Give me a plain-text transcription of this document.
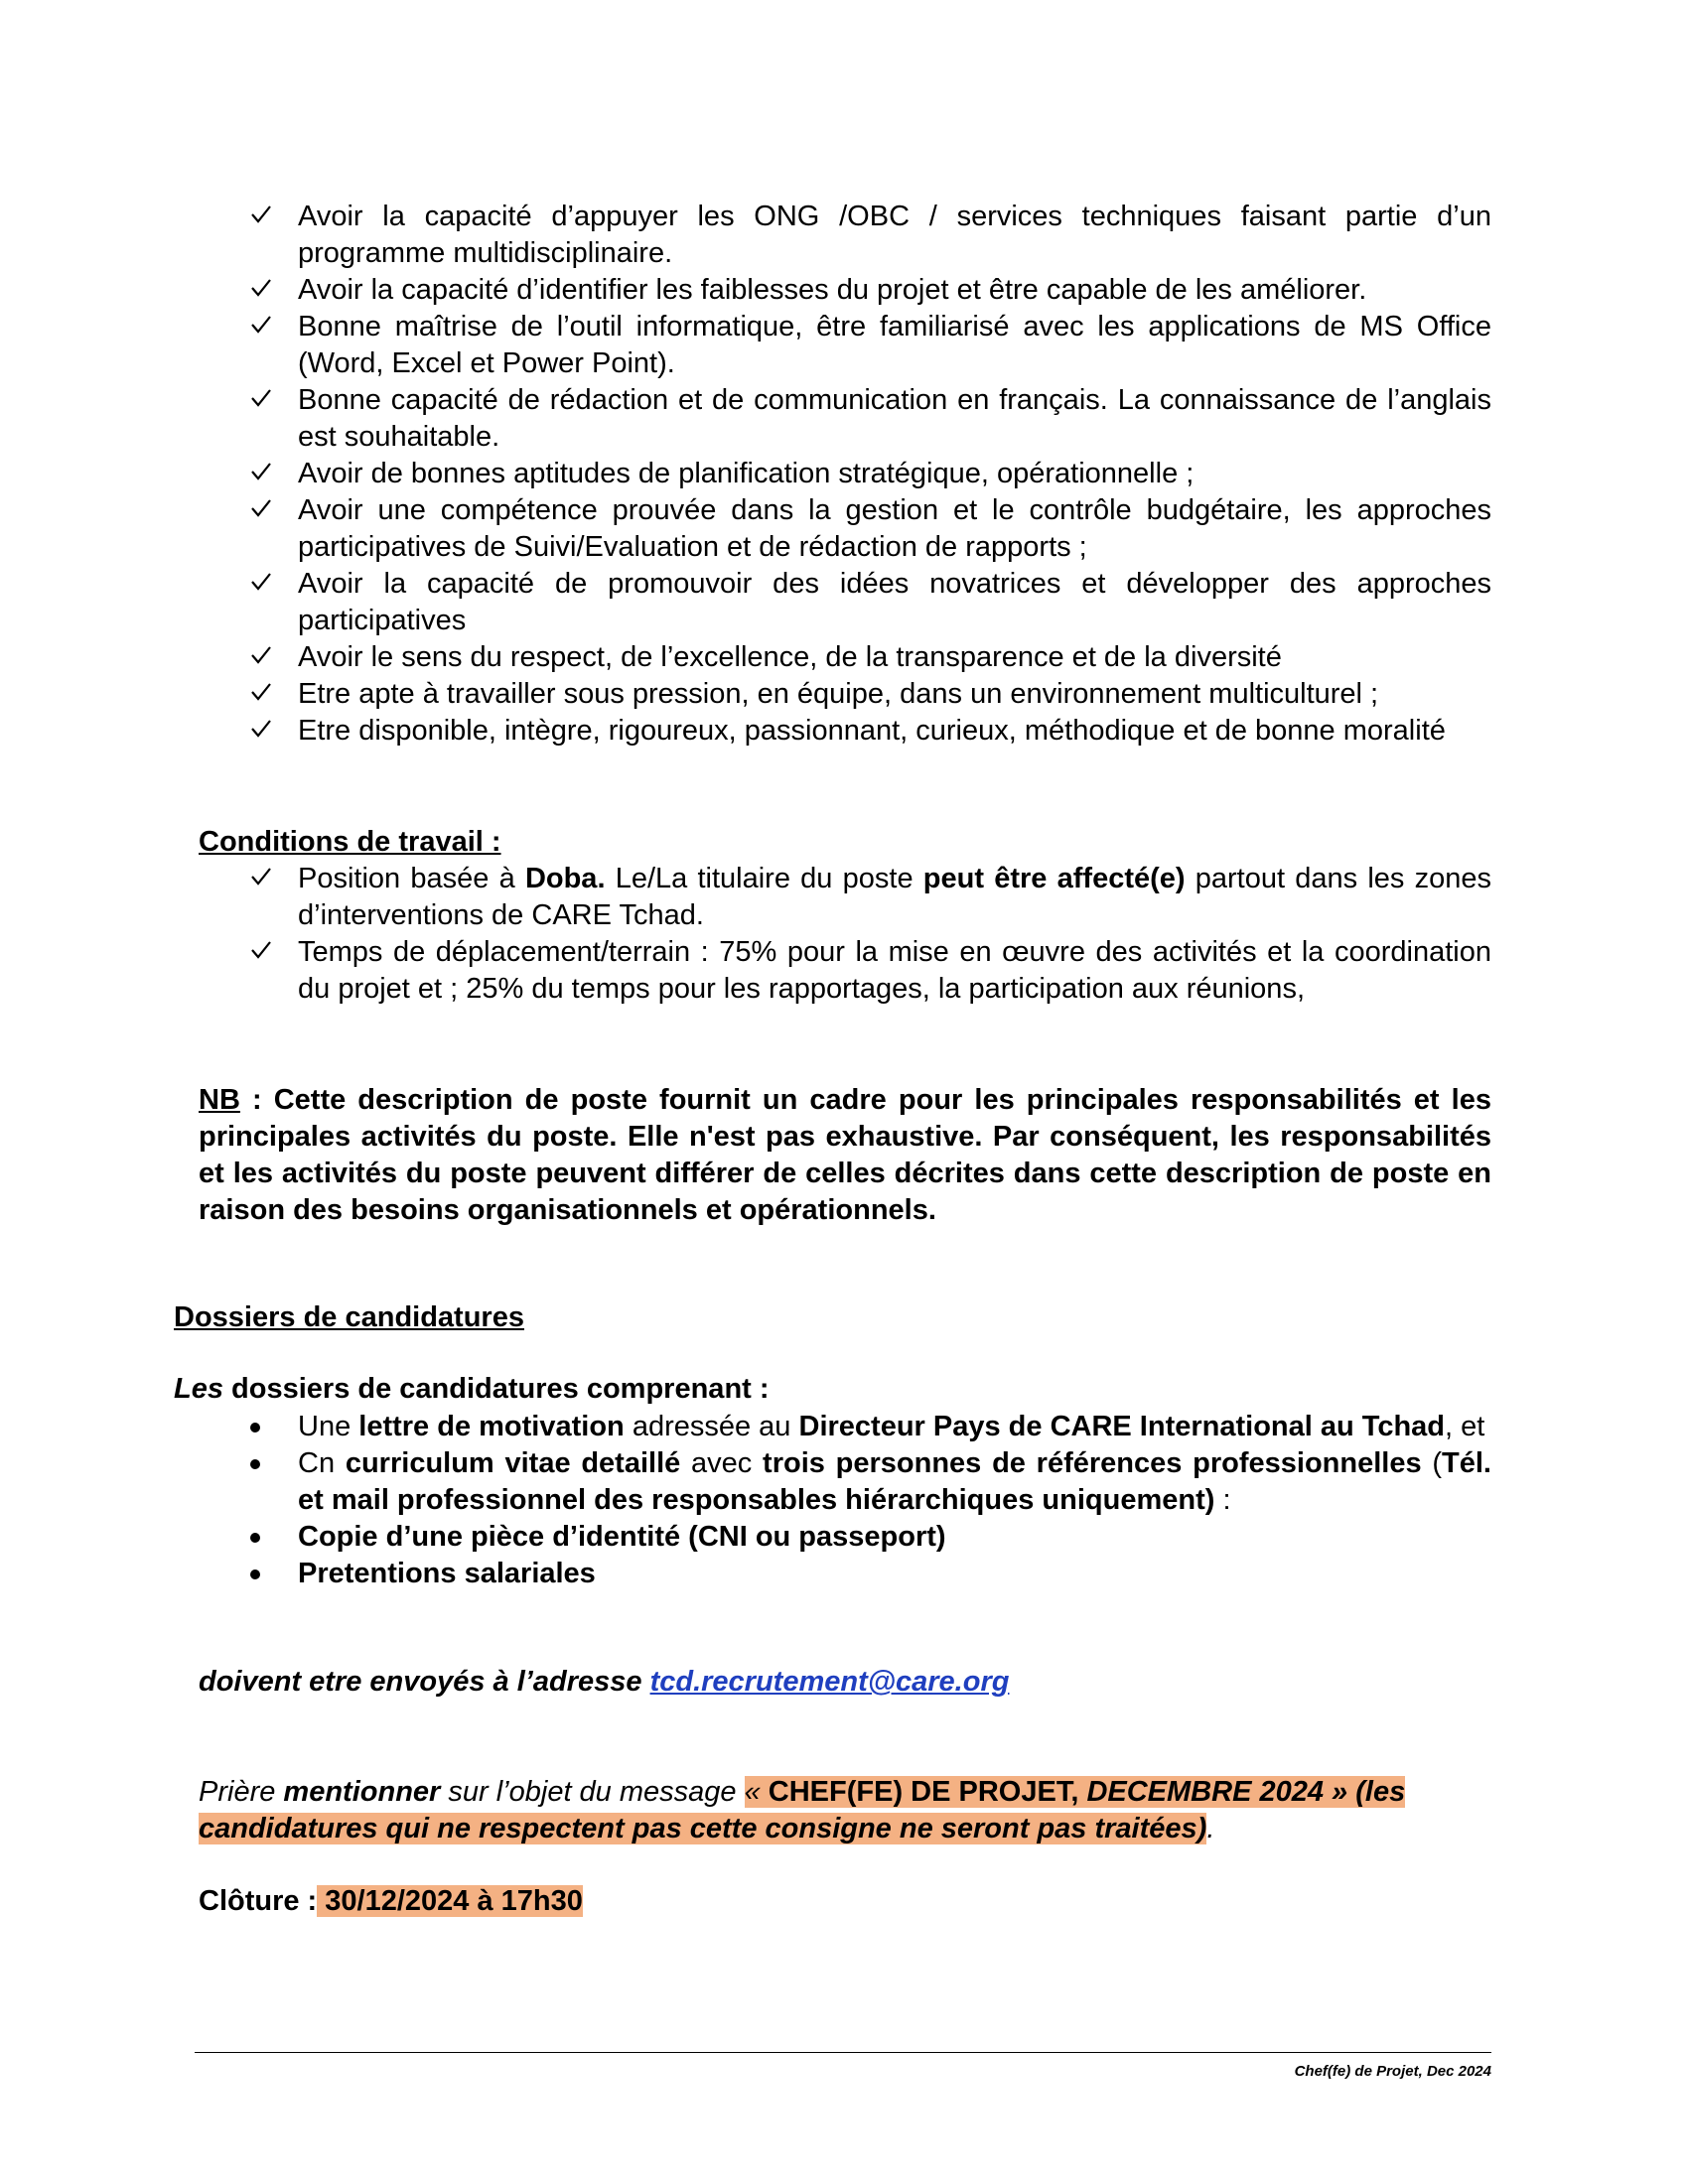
Avoir la capacité d’appuyer les ONG /OBC / services techniques faisant partie d’un programme multidisciplinaire.
Avoir la capacité d’identifier les faiblesses du projet et être capable de les améliorer.
Bonne maîtrise de l’outil informatique, être familiarisé avec les applications de MS Office (Word, Excel et Power Point).
Bonne capacité de rédaction et de communication en français. La connaissance de l’anglais est souhaitable.
Avoir de bonnes aptitudes de planification stratégique, opérationnelle ;
Avoir une compétence prouvée dans la gestion et le contrôle budgétaire, les approches participatives de Suivi/Evaluation et de rédaction de rapports ;
Avoir la capacité de promouvoir des idées novatrices et développer des approches participatives
Avoir le sens du respect, de l’excellence, de la transparence et de la diversité
Etre apte à travailler sous pression, en équipe, dans un environnement multiculturel ;
Etre disponible, intègre, rigoureux, passionnant, curieux, méthodique et de bonne moralité

Conditions de travail :

Position basée à Doba. Le/La titulaire du poste peut être affecté(e) partout dans les zones d’interventions de CARE Tchad.
Temps de déplacement/terrain : 75% pour la mise en œuvre des activités et la coordination du projet et ; 25% du temps pour les rapportages, la participation aux réunions,

NB : Cette description de poste fournit un cadre pour les principales responsabilités et les principales activités du poste. Elle n'est pas exhaustive. Par conséquent, les responsabilités et les activités du poste peuvent différer de celles décrites dans cette description de poste en raison des besoins organisationnels et opérationnels.

Dossiers de candidatures

Les dossiers de candidatures comprenant :

Une lettre de motivation adressée au Directeur Pays de CARE International au Tchad, et
Cn curriculum vitae detaillé avec trois personnes de références professionnelles (Tél. et mail professionnel des responsables hiérarchiques uniquement) :
Copie d’une pièce d’identité (CNI ou passeport)
Pretentions salariales

doivent etre envoyés à l’adresse tcd.recrutement@care.org

Prière mentionner sur l’objet du message « CHEF(FE) DE PROJET, DECEMBRE 2024 » (les candidatures qui ne respectent pas cette consigne ne seront pas traitées).

Clôture : 30/12/2024 à 17h30

Chef(fe) de Projet, Dec 2024
